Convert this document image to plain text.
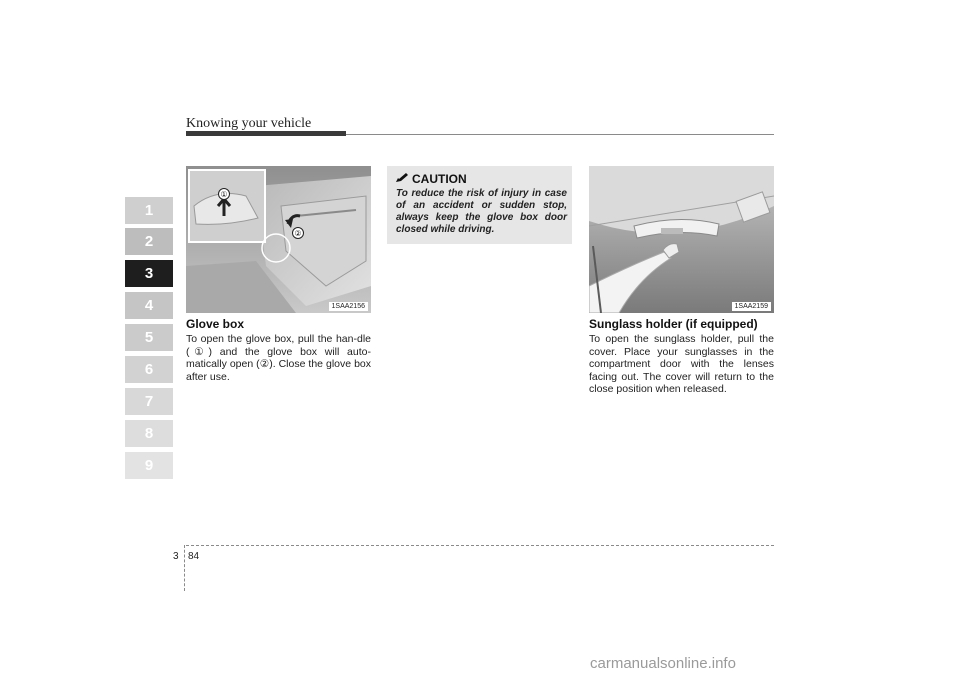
Knowing your vehicle
1
2
3
4
5
6
7
8
9
①
②
1SAA2156
Glove box
To open the glove box, pull the han-dle (①) and the glove box will auto-matically open (②). Close the glove box after use.
CAUTION
To reduce the risk of injury in case of an accident or sudden stop, always keep the glove box door closed while driving.
1SAA2159
Sunglass holder (if equipped)
To open the sunglass holder, pull the cover. Place your sunglasses in the compartment door with the lenses facing out. The cover will return to the close position when released.
3 84
carmanualsonline.info
